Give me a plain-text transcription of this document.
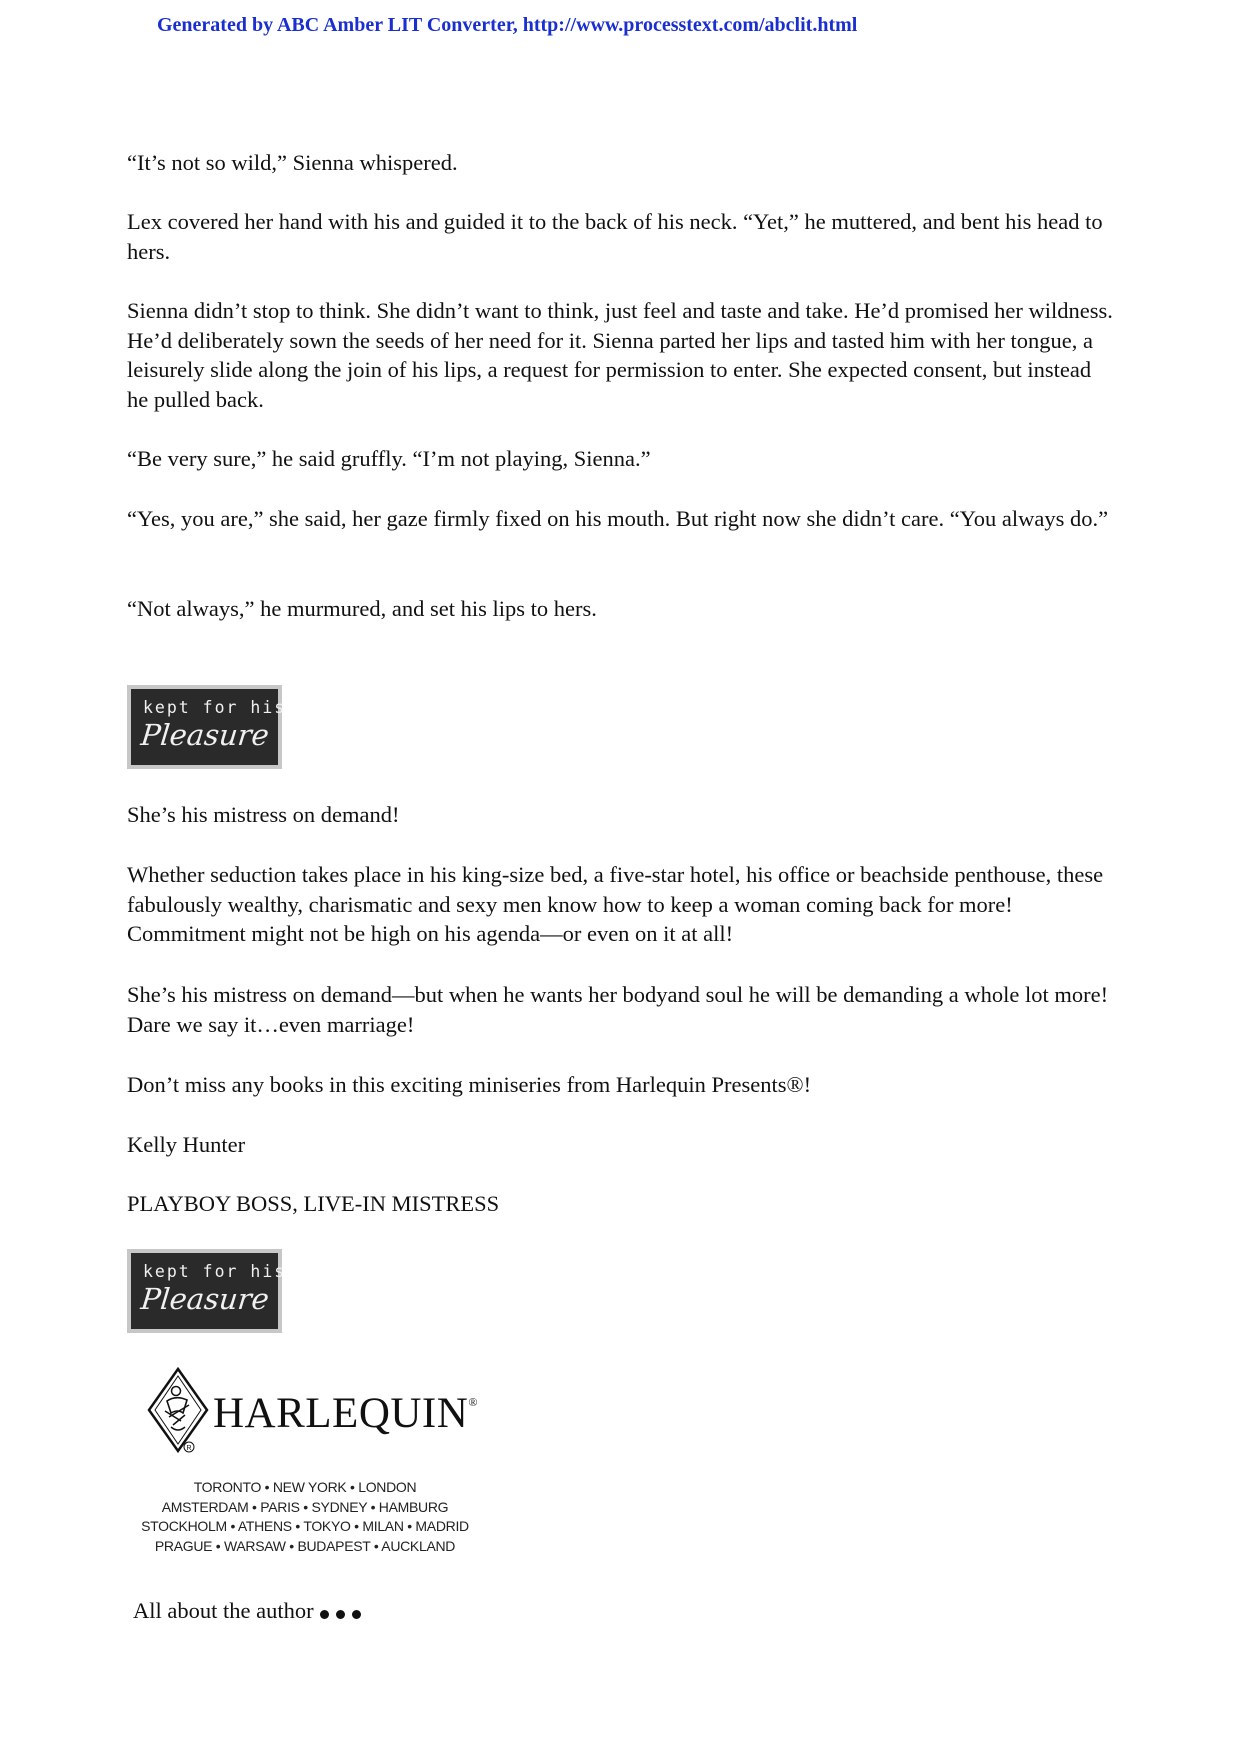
Generated by ABC Amber LIT Converter, http://www.processtext.com/abclit.html

“It’s not so wild,” Sienna whispered.

Lex covered her hand with his and guided it to the back of his neck. “Yet,” he muttered, and bent his head to hers.

Sienna didn’t stop to think. She didn’t want to think, just feel and taste and take. He’d promised her wildness. He’d deliberately sown the seeds of her need for it. Sienna parted her lips and tasted him with her tongue, a leisurely slide along the join of his lips, a request for permission to enter. She expected consent, but instead he pulled back.

“Be very sure,” he said gruffly. “I’m not playing, Sienna.”

“Yes, you are,” she said, her gaze firmly fixed on his mouth. But right now she didn’t care. “You always do.”

“Not always,” he murmured, and set his lips to hers.

kept for his
Pleasure

She’s his mistress on demand!

Whether seduction takes place in his king-size bed, a five-star hotel, his office or beachside penthouse, these fabulously wealthy, charismatic and sexy men know how to keep a woman coming back for more! Commitment might not be high on his agenda—or even on it at all!

She’s his mistress on demand—but when he wants her bodyand soul he will be demanding a whole lot more! Dare we say it…even marriage!

Don’t miss any books in this exciting miniseries from Harlequin Presents®!

Kelly Hunter

PLAYBOY BOSS, LIVE-IN MISTRESS

kept for his
Pleasure
R
HARLEQUIN®
TORONTO • NEW YORK • LONDON
AMSTERDAM • PARIS • SYDNEY • HAMBURG
STOCKHOLM • ATHENS • TOKYO • MILAN • MADRID
PRAGUE • WARSAW • BUDAPEST • AUCKLAND
All about the author
